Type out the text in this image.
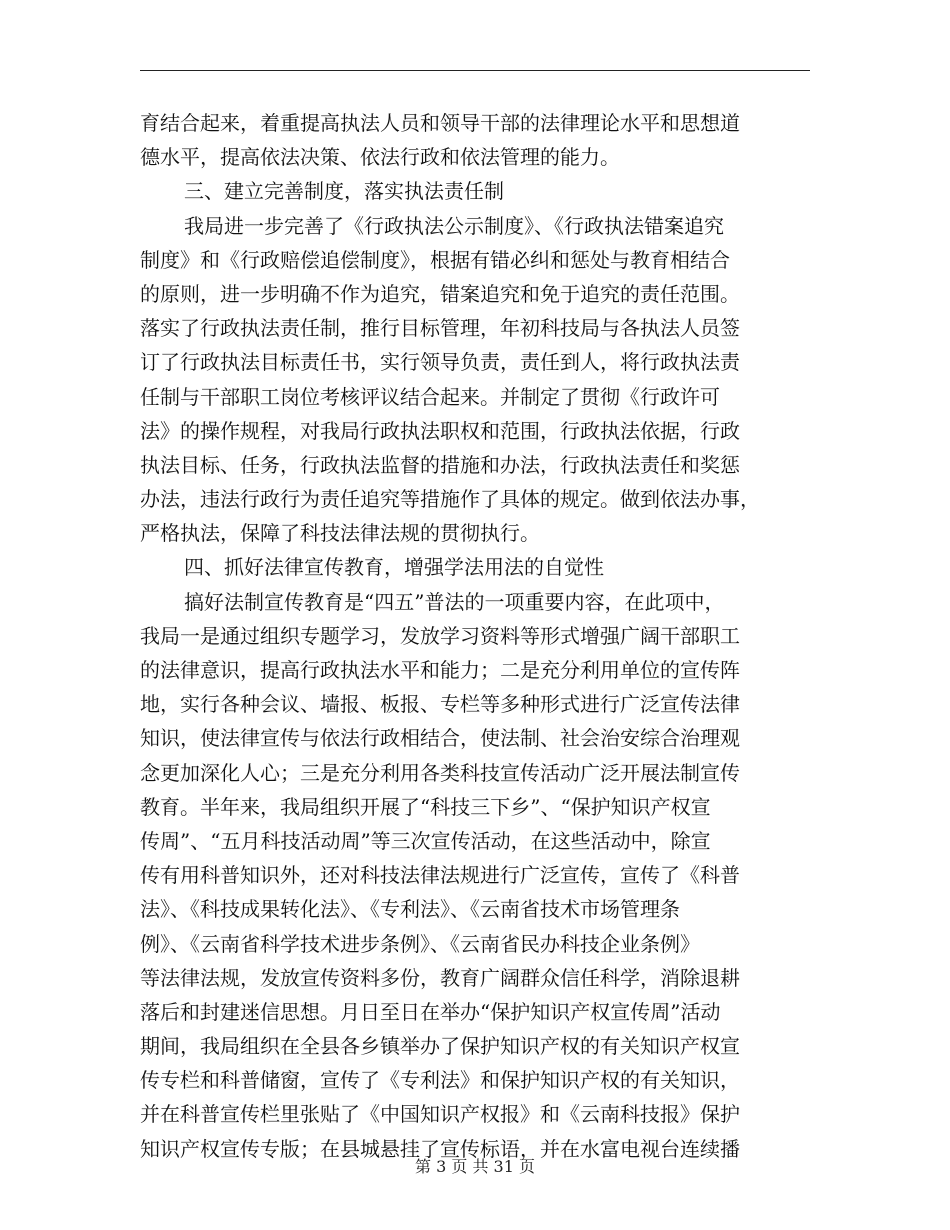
育结合起来，着重提高执法人员和领导干部的法律理论水平和思想道
德水平，提高依法决策、依法行政和依法管理的能力。
三、建立完善制度，落实执法责任制
我局进一步完善了《行政执法公示制度》、《行政执法错案追究
制度》和《行政赔偿追偿制度》，根据有错必纠和惩处与教育相结合
的原则，进一步明确不作为追究，错案追究和免于追究的责任范围。
落实了行政执法责任制，推行目标管理，年初科技局与各执法人员签
订了行政执法目标责任书，实行领导负责，责任到人，将行政执法责
任制与干部职工岗位考核评议结合起来。并制定了贯彻《行政许可
法》的操作规程，对我局行政执法职权和范围，行政执法依据，行政
执法目标、任务，行政执法监督的措施和办法，行政执法责任和奖惩
办法，违法行政行为责任追究等措施作了具体的规定。做到依法办事，
严格执法，保障了科技法律法规的贯彻执行。
四、抓好法律宣传教育，增强学法用法的自觉性
搞好法制宣传教育是“四五”普法的一项重要内容，在此项中，
我局一是通过组织专题学习，发放学习资料等形式增强广阔干部职工
的法律意识，提高行政执法水平和能力；二是充分利用单位的宣传阵
地，实行各种会议、墙报、板报、专栏等多种形式进行广泛宣传法律
知识，使法律宣传与依法行政相结合，使法制、社会治安综合治理观
念更加深化人心；三是充分利用各类科技宣传活动广泛开展法制宣传
教育。半年来，我局组织开展了“科技三下乡”、“保护知识产权宣
传周”、“五月科技活动周”等三次宣传活动，在这些活动中，除宣
传有用科普知识外，还对科技法律法规进行广泛宣传，宣传了《科普
法》、《科技成果转化法》、《专利法》、《云南省技术市场管理条
例》、《云南省科学技术进步条例》、《云南省民办科技企业条例》
等法律法规，发放宣传资料多份，教育广阔群众信任科学，消除退耕
落后和封建迷信思想。月日至日在举办“保护知识产权宣传周”活动
期间，我局组织在全县各乡镇举办了保护知识产权的有关知识产权宣
传专栏和科普储窗，宣传了《专利法》和保护知识产权的有关知识，
并在科普宣传栏里张贴了《中国知识产权报》和《云南科技报》保护
知识产权宣传专版；在县城悬挂了宣传标语，并在水富电视台连续播
第 3 页 共 31 页
